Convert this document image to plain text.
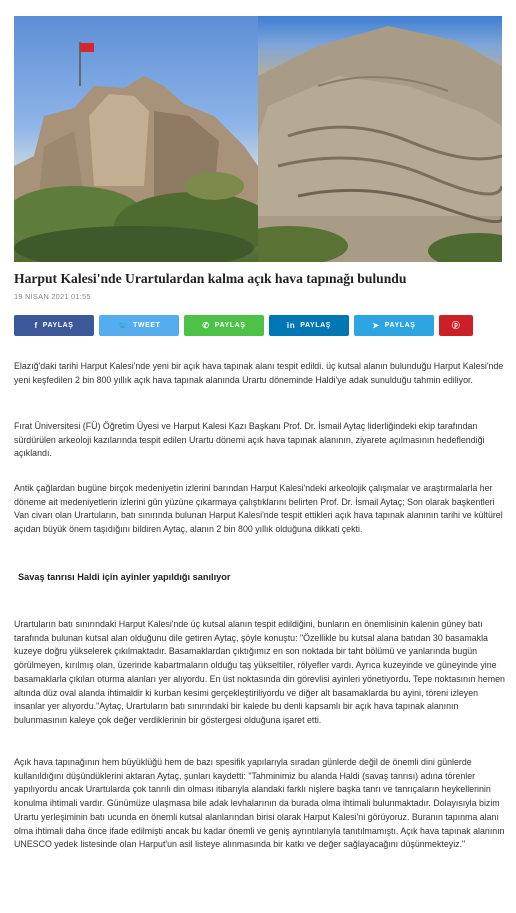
Harput Kalesi'nde Urartulardan kalma açık hava tapınağı bulundu
19 NİSAN 2021 01:55
f PAYLAŞ	🐦 TWEET	✆ PAYLAŞ	in PAYLAŞ	➤ PAYLAŞ	ⓟ

Elazığ'daki tarihi Harput Kalesi'nde yeni bir açık hava tapınak alanı tespit edildi. üç kutsal alanın bulunduğu Harput Kalesi'nde yeni keşfedilen 2 bin 800 yıllık açık hava tapınak alanında Urartu döneminde Haldi'ye adak sunulduğu tahmin ediliyor.

Fırat Üniversitesi (FÜ) Öğretim Üyesi ve Harput Kalesi Kazı Başkanı Prof. Dr. İsmail Aytaç liderliğindeki ekip tarafından sürdürülen arkeoloji kazılarında tespit edilen Urartu dönemi açık hava tapınak alanının, ziyarete açılmasının hedeflendiği açıklandı.

Antik çağlardan bugüne birçok medeniyetin izlerini barından Harput Kalesi'ndeki arkeolojik çalışmalar ve araştırmalarla her döneme ait medeniyetlerin izlerini gün yüzüne çıkarmaya çalıştıklarını belirten Prof. Dr. İsmail Aytaç; Son olarak başkentleri Van civarı olan Urartuların, batı sınırında bulunan Harput Kalesi'nde tespit ettikleri açık hava tapınak alanının tarihi ve kültürel açıdan büyük önem taşıdığını bildiren Aytaç, alanın 2 bin 800 yıllık olduğuna dikkati çekti.

Savaş tanrısı Haldi için ayinler yapıldığı sanılıyor

Urartuların batı sınırındaki Harput Kalesi'nde üç kutsal alanın tespit edildiğini, bunların en önemlisinin kalenin güney batı tarafında bulunan kutsal alan olduğunu dile getiren Aytaç, şöyle konuştu: "Özellikle bu kutsal alana batıdan 30 basamakla kuzeye doğru yükselerek çıkılmaktadır. Basamaklardan çıktığımız en son noktada bir taht bölümü ve yanlarında bugün görülmeyen, kırılmış olan, üzerinde kabartmaların olduğu taş yükseltiler, rölyefler vardı. Ayrıca kuzeyinde ve güneyinde yine basamaklarla çıkılan oturma alanları yer alıyordu. En üst noktasında din görevlisi ayinleri yönetiyordu. Tepe noktasının hemen altında düz oval alanda ihtimaldir ki kurban kesimi gerçekleştiriliyordu ve diğer alt basamaklarda bu ayini, töreni izleyen insanlar yer alıyordu."Aytaç, Urartuların batı sınırındaki bir kalede bu denli kapsamlı bir açık hava tapınak alanının bulunmasının kaleye çok değer verdiklerinin bir göstergesi olduğuna işaret etti.

Açık hava tapınağının hem büyüklüğü hem de bazı spesifik yapılarıyla sıradan günlerde değil de önemli dini günlerde kullanıldığını düşündüklerini aktaran Aytaç, şunları kaydetti: "Tahminimiz bu alanda Haldi (savaş tanrısı) adına törenler yapılıyordu ancak Urartularda çok tanrılı din olması itibarıyla alandaki farklı nişlere başka tanrı ve tanrıçaların heykellerinin konulma ihtimali vardır. Günümüze ulaşmasa bile adak levhalarının da burada olma ihtimali bulunmaktadır. Dolayısıyla bizim Urartu yerleşiminin batı ucunda en önemli kutsal alanlarından birisi olarak Harput Kalesi'ni görüyoruz. Buranın tapınma alanı olma ihtimali daha önce ifade edilmişti ancak bu kadar önemli ve geniş ayrıntılarıyla tanıtılmamıştı. Açık hava tapınak alanının UNESCO yedek listesinde olan Harput'un asil listeye alınmasında bir katkı ve değer sağlayacağını düşünmekteyiz."
